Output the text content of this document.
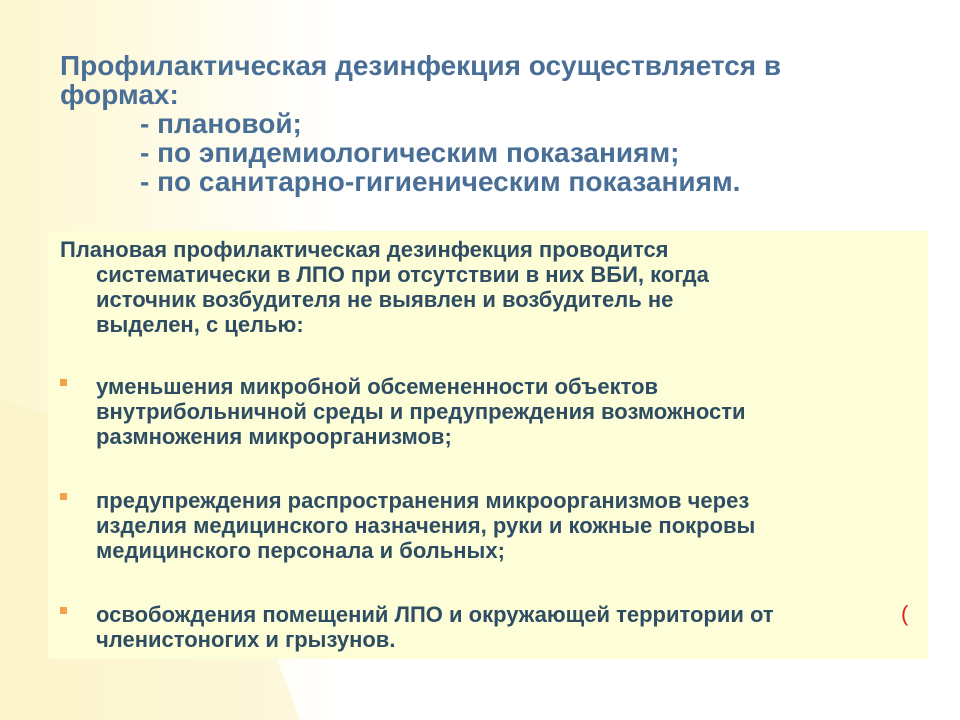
Профилактическая дезинфекция осуществляется в
формах:
- плановой;
- по эпидемиологическим показаниям;
- по санитарно-гигиеническим показаниям.
Плановая профилактическая дезинфекция проводится
систематически в ЛПО при отсутствии в них ВБИ, когда
источник возбудителя не выявлен и возбудитель не
выделен, с целью:
уменьшения микробной обсемененности объектов
внутрибольничной среды и предупреждения возможности
размножения микроорганизмов;
предупреждения распространения микроорганизмов через
изделия медицинского назначения, руки и кожные покровы
медицинского персонала и больных;
освобождения помещений ЛПО и окружающей территории от
членистоногих и грызунов.
(
